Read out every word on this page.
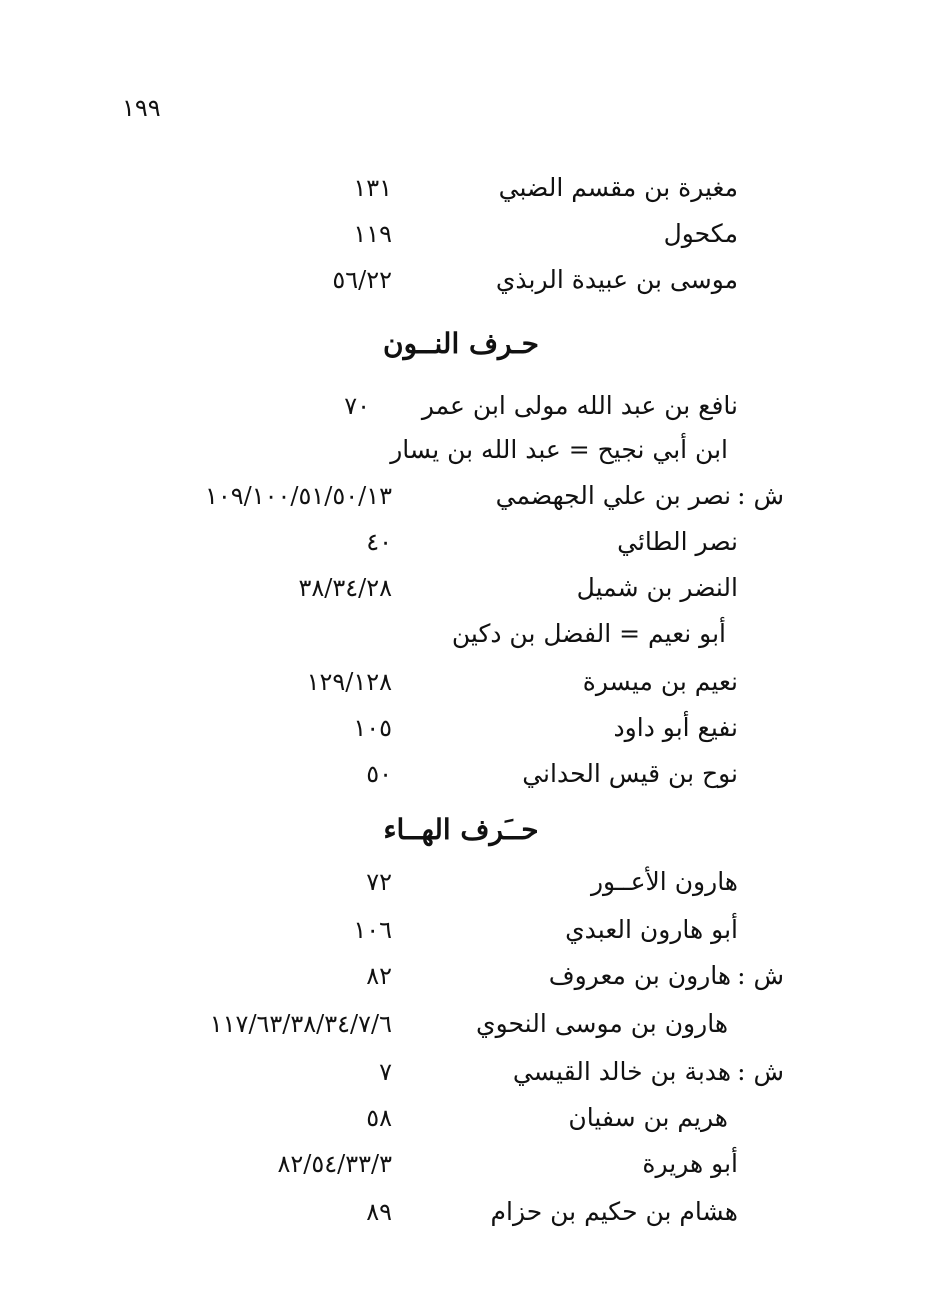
١٩٩
مغيرة بن مقسم الضبي
١٣١
مكحول
١١٩
موسى بن عبيدة الربذي
٥٦/٢٢
حـرف النــون
نافع بن عبد الله مولى ابن عمر
٧٠
ابن أبي نجيح = عبد الله بن يسار
ش :نصر بن علي الجهضمي
١٠٩/١٠٠/٥١/٥٠/١٣
نصر الطائي
٤٠
النضر بن شميل
٣٨/٣٤/٢٨
أبو نعيم = الفضل بن دكين
نعيم بن ميسرة
١٢٩/١٢٨
نفيع أبو داود
١٠٥
نوح بن قيس الحداني
٥٠
حــَرف الهــاء
هارون الأعــور
٧٢
أبو هارون العبدي
١٠٦
ش :هارون بن معروف
٨٢
هارون بن موسى النحوي
١١٧/٦٣/٣٨/٣٤/٧/٦
ش :هدبة بن خالد القيسي
٧
هريم بن سفيان
٥٨
أبو هريرة
٨٢/٥٤/٣٣/٣
هشام بن حكيم بن حزام
٨٩
